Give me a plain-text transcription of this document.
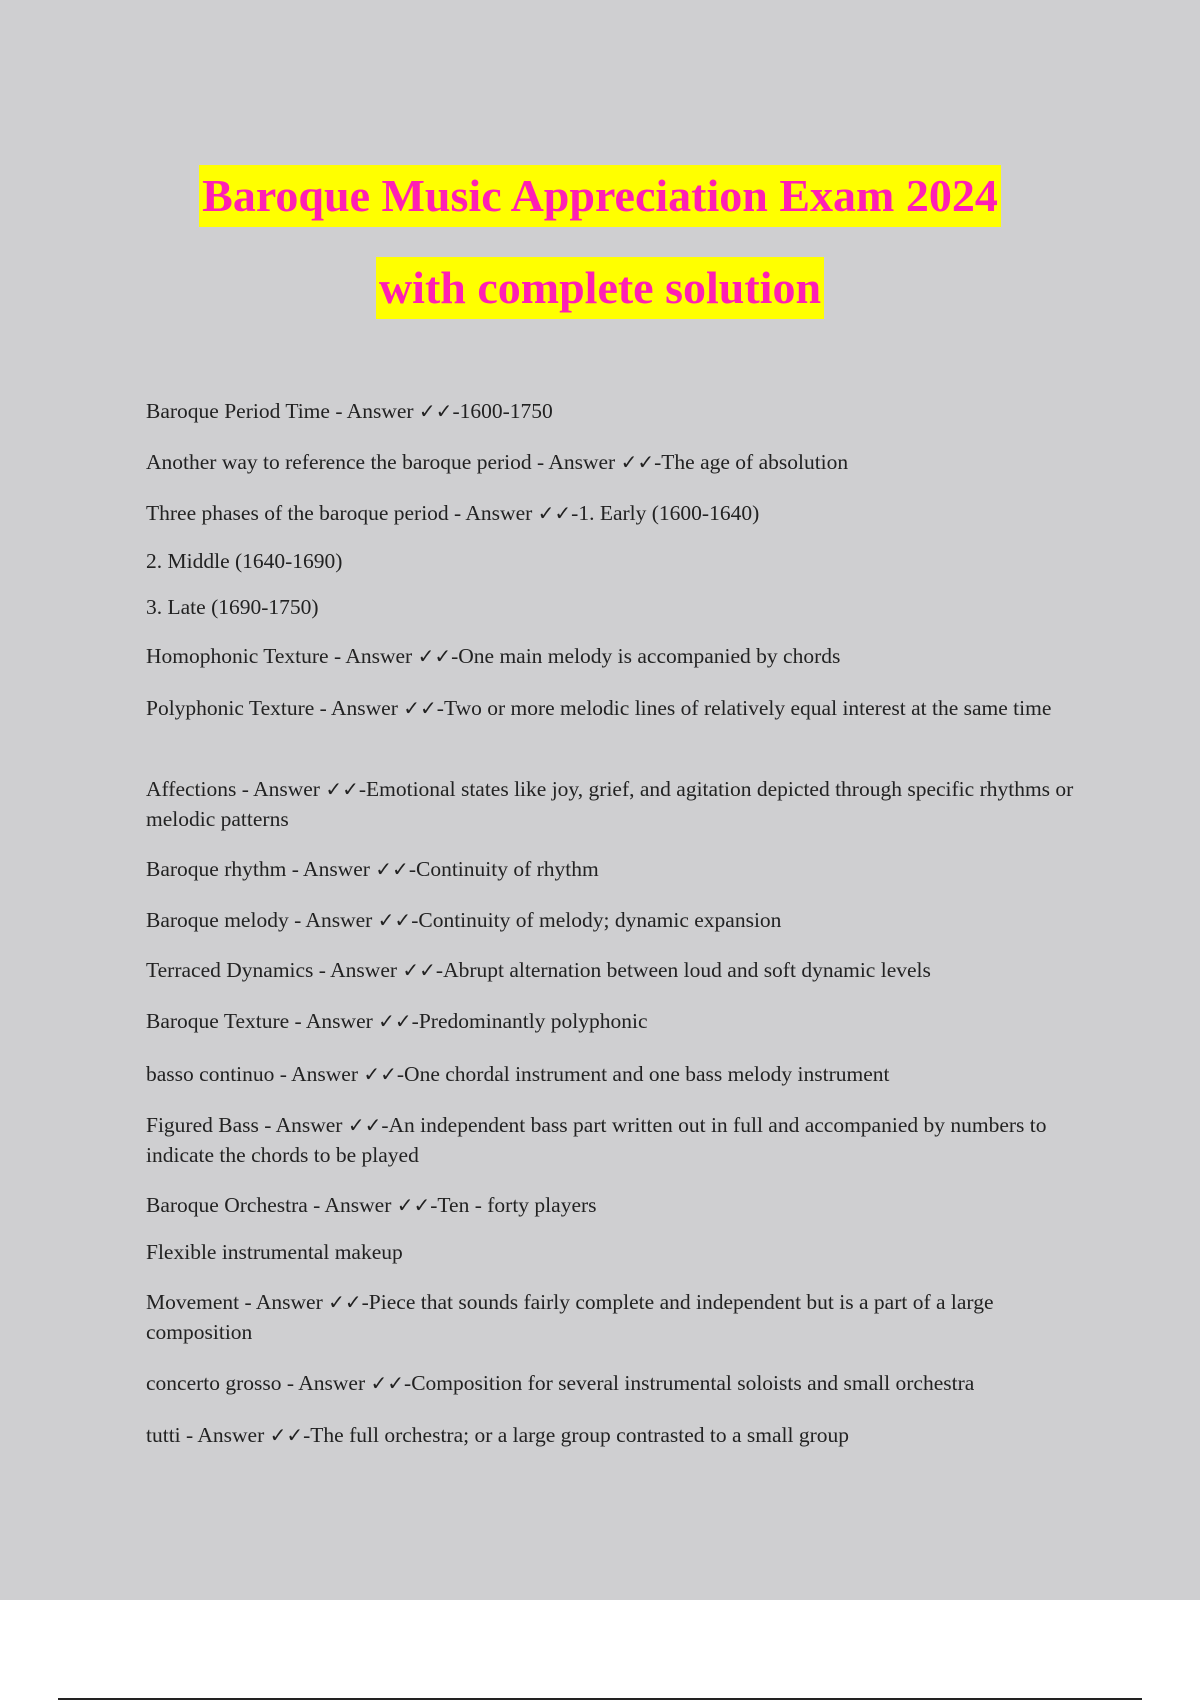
Baroque Music Appreciation Exam 2024
with complete solution
Baroque Period Time - Answer ✓✓-1600-1750
Another way to reference the baroque period - Answer ✓✓-The age of absolution
Three phases of the baroque period - Answer ✓✓-1. Early (1600-1640)
2. Middle (1640-1690)
3. Late (1690-1750)
Homophonic Texture - Answer ✓✓-One main melody is accompanied by chords
Polyphonic Texture - Answer ✓✓-Two or more melodic lines of relatively equal interest at the same time
Affections - Answer ✓✓-Emotional states like joy, grief, and agitation depicted through specific rhythms or melodic patterns
Baroque rhythm - Answer ✓✓-Continuity of rhythm
Baroque melody - Answer ✓✓-Continuity of melody; dynamic expansion
Terraced Dynamics - Answer ✓✓-Abrupt alternation between loud and soft dynamic levels
Baroque Texture - Answer ✓✓-Predominantly polyphonic
basso continuo - Answer ✓✓-One chordal instrument and one bass melody instrument
Figured Bass - Answer ✓✓-An independent bass part written out in full and accompanied by numbers to indicate the chords to be played
Baroque Orchestra - Answer ✓✓-Ten - forty players
Flexible instrumental makeup
Movement - Answer ✓✓-Piece that sounds fairly complete and independent but is a part of a large composition
concerto grosso - Answer ✓✓-Composition for several instrumental soloists and small orchestra
tutti - Answer ✓✓-The full orchestra; or a large group contrasted to a small group
